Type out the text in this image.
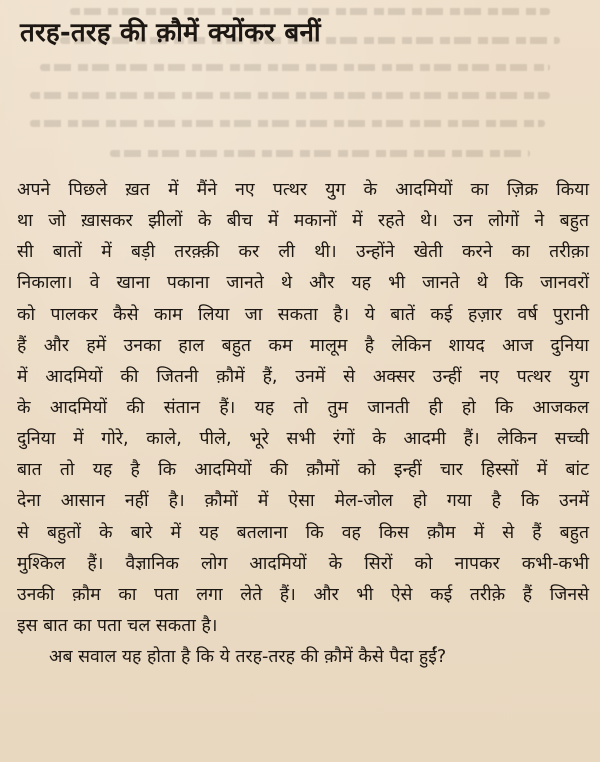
तरह-तरह की क़ौमें क्योंकर बनीं
अपने पिछले ख़त में मैंने नए पत्थर युग के आदमियों का ज़िक्र किया
था जो ख़ासकर झीलों के बीच में मकानों में रहते थे। उन लोगों ने बहुत
सी बातों में बड़ी तरक़्क़ी कर ली थी। उन्होंने खेती करने का तरीक़ा
निकाला। वे खाना पकाना जानते थे और यह भी जानते थे कि जानवरों
को पालकर कैसे काम लिया जा सकता है। ये बातें कई हज़ार वर्ष पुरानी
हैं और हमें उनका हाल बहुत कम मालूम है लेकिन शायद आज दुनिया
में आदमियों की जितनी क़ौमें हैं, उनमें से अक्सर उन्हीं नए पत्थर युग
के आदमियों की संतान हैं। यह तो तुम जानती ही हो कि आजकल
दुनिया में गोरे, काले, पीले, भूरे सभी रंगों के आदमी हैं। लेकिन सच्ची
बात तो यह है कि आदमियों की क़ौमों को इन्हीं चार हिस्सों में बांट
देना आसान नहीं है। क़ौमों में ऐसा मेल-जोल हो गया है कि उनमें
से बहुतों के बारे में यह बतलाना कि वह किस क़ौम में से हैं बहुत
मुश्किल हैं। वैज्ञानिक लोग आदमियों के सिरों को नापकर कभी-कभी
उनकी क़ौम का पता लगा लेते हैं। और भी ऐसे कई तरीक़े हैं जिनसे
इस बात का पता चल सकता है।
अब सवाल यह होता है कि ये तरह-तरह की क़ौमें कैसे पैदा हुईं?
